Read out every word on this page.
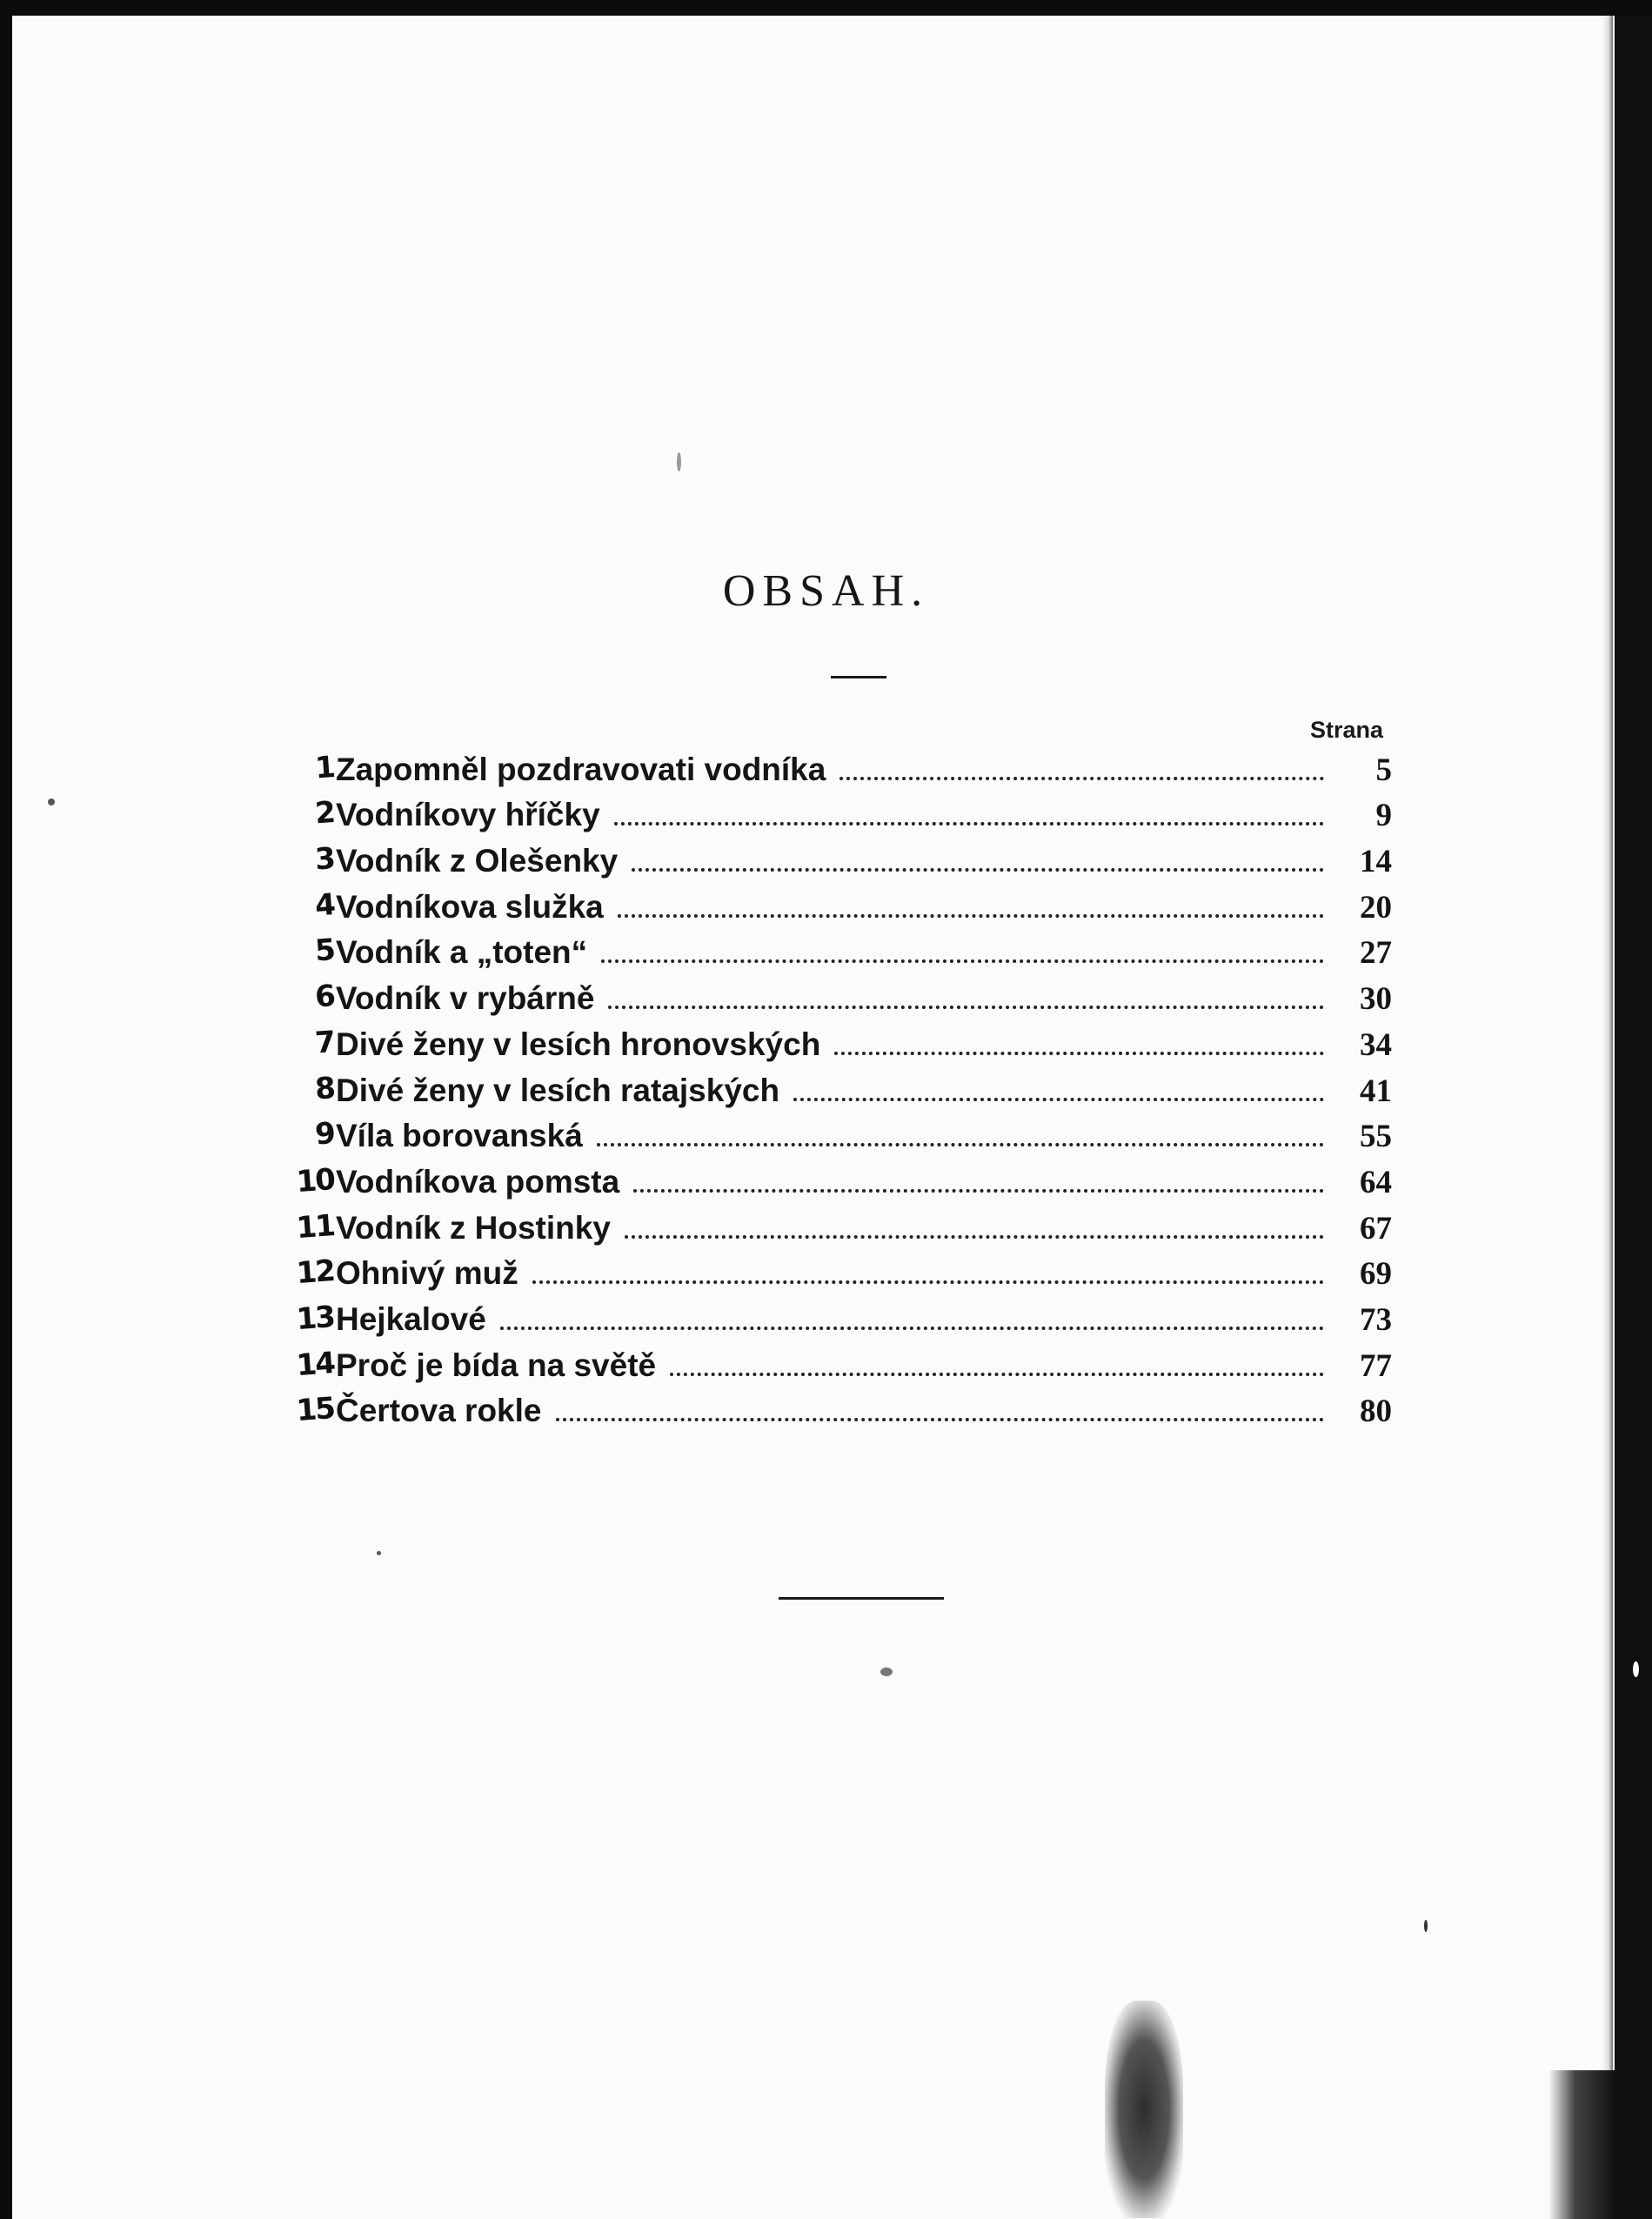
OBSAH.
Strana
1 Zapomněl pozdravovati vodníka	5
2 Vodníkovy hříčky	9
3 Vodník z Olešenky	14
4 Vodníkova služka	20
5 Vodník a „toten“	27
6 Vodník v rybárně	30
7 Divé ženy v lesích hronovských	34
8 Divé ženy v lesích ratajských	41
9 Víla borovanská	55
10 Vodníkova pomsta	64
11 Vodník z Hostinky	67
12 Ohnivý muž	69
13 Hejkalové	73
14 Proč je bída na světě	77
15 Čertova rokle	80
